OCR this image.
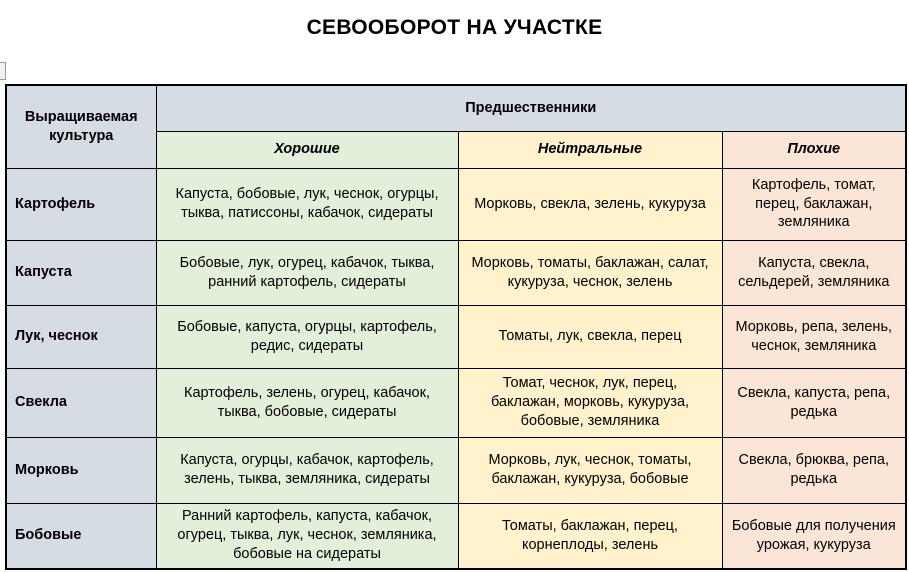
СЕВООБОРОТ НА УЧАСТКЕ
Выращиваемая культура	Предшественники		
	Хорошие	Нейтральные	Плохие
Картофель	Капуста, бобовые, лук, чеснок, огурцы, тыква, патиссоны, кабачок, сидераты	Морковь, свекла, зелень, кукуруза	Картофель, томат, перец, баклажан, земляника
Капуста	Бобовые, лук, огурец, кабачок, тыква, ранний картофель, сидераты	Морковь, томаты, баклажан, салат, кукуруза, чеснок, зелень	Капуста, свекла, сельдерей, земляника
Лук, чеснок	Бобовые, капуста, огурцы, картофель, редис, сидераты	Томаты, лук, свекла, перец	Морковь, репа, зелень, чеснок, земляника
Свекла	Картофель, зелень, огурец, кабачок, тыква, бобовые, сидераты	Томат, чеснок, лук, перец, баклажан, морковь, кукуруза, бобовые, земляника	Свекла, капуста, репа, редька
Морковь	Капуста, огурцы, кабачок, картофель, зелень, тыква, земляника, сидераты	Морковь, лук, чеснок, томаты, баклажан, кукуруза, бобовые	Свекла, брюква, репа, редька
Бобовые	Ранний картофель, капуста, кабачок, огурец, тыква, лук, чеснок, земляника, бобовые на сидераты	Томаты, баклажан, перец, корнеплоды, зелень	Бобовые для получения урожая, кукуруза
